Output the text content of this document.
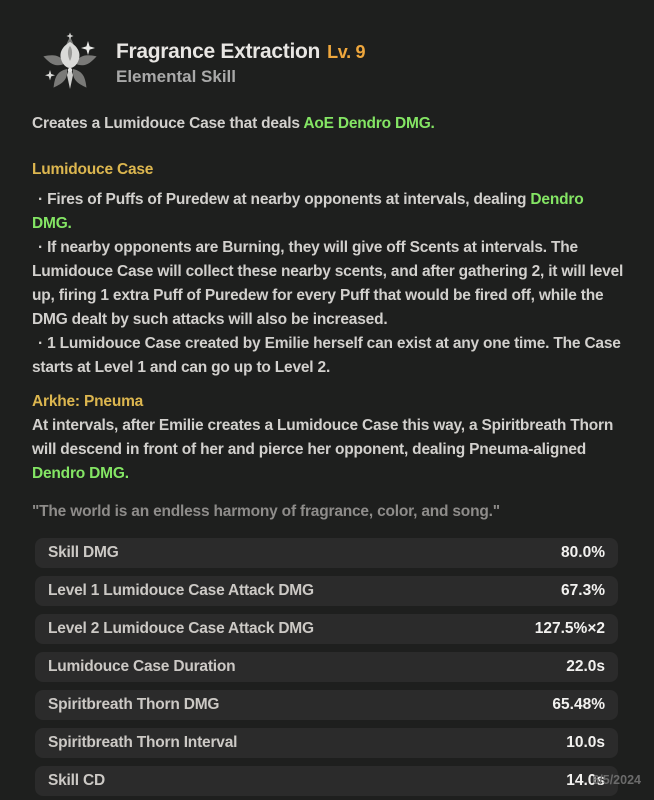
Fragrance Extraction Lv. 9
Elemental Skill

Creates a Lumidouce Case that deals AoE Dendro DMG.

Lumidouce Case

· Fires of Puffs of Puredew at nearby opponents at intervals, dealing Dendro DMG.

· If nearby opponents are Burning, they will give off Scents at intervals. The Lumidouce Case will collect these nearby scents, and after gathering 2, it will level up, firing 1 extra Puff of Puredew for every Puff that would be fired off, while the DMG dealt by such attacks will also be increased.

· 1 Lumidouce Case created by Emilie herself can exist at any one time. The Case starts at Level 1 and can go up to Level 2.

Arkhe: Pneuma

At intervals, after Emilie creates a Lumidouce Case this way, a Spiritbreath Thorn will descend in front of her and pierce her opponent, dealing Pneuma-aligned Dendro DMG.

"The world is an endless harmony of fragrance, color, and song."

Skill DMG	80.0%
Level 1 Lumidouce Case Attack DMG	67.3%
Level 2 Lumidouce Case Attack DMG	127.5%×2
Lumidouce Case Duration	22.0s
Spiritbreath Thorn DMG	65.48%
Spiritbreath Thorn Interval	10.0s
Skill CD	14.0s
6/5/2024
